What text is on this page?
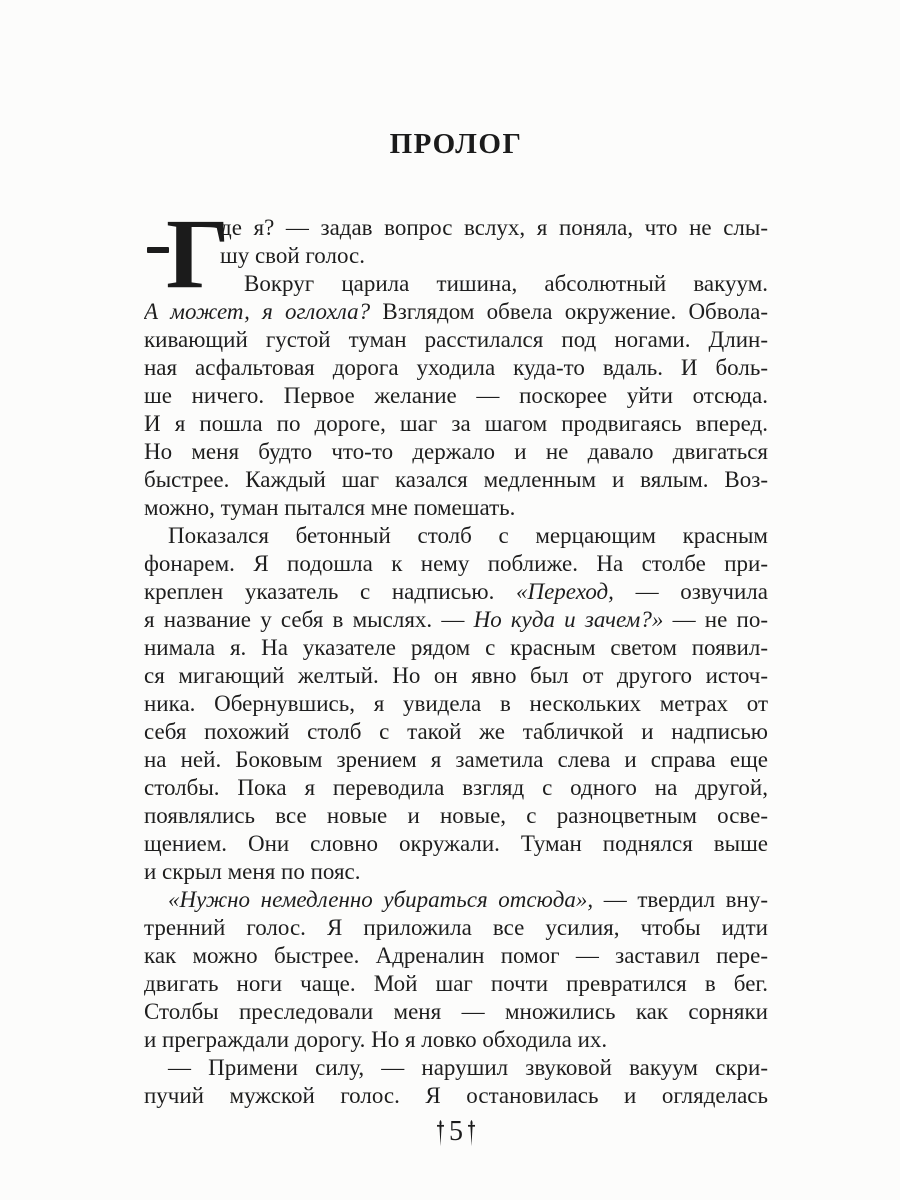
ПРОЛОГ
Г
де я? — задав вопрос вслух, я поняла, что не слы-
шу свой голос.
Вокруг царила тишина, абсолютный вакуум.
А может, я оглохла? Взглядом обвела окружение. Обвола-
кивающий густой туман расстилался под ногами. Длин-
ная асфальтовая дорога уходила куда-то вдаль. И боль-
ше ничего. Первое желание — поскорее уйти отсюда.
И я пошла по дороге, шаг за шагом продвигаясь вперед.
Но меня будто что-то держало и не давало двигаться
быстрее. Каждый шаг казался медленным и вялым. Воз-
можно, туман пытался мне помешать.
Показался бетонный столб с мерцающим красным
фонарем. Я подошла к нему поближе. На столбе при-
креплен указатель с надписью. «Переход, — озвучила
я название у себя в мыслях. — Но куда и зачем?» — не по-
нимала я. На указателе рядом с красным светом появил-
ся мигающий желтый. Но он явно был от другого источ-
ника. Обернувшись, я увидела в нескольких метрах от
себя похожий столб с такой же табличкой и надписью
на ней. Боковым зрением я заметила слева и справа еще
столбы. Пока я переводила взгляд с одного на другой,
появлялись все новые и новые, с разноцветным осве-
щением. Они словно окружали. Туман поднялся выше
и скрыл меня по пояс.
«Нужно немедленно убираться отсюда», — твердил вну-
тренний голос. Я приложила все усилия, чтобы идти
как можно быстрее. Адреналин помог — заставил пере-
двигать ноги чаще. Мой шаг почти превратился в бег.
Столбы преследовали меня — множились как сорняки
и преграждали дорогу. Но я ловко обходила их.
— Примени силу, — нарушил звуковой вакуум скри-
пучий мужской голос. Я остановилась и огляделась
5
